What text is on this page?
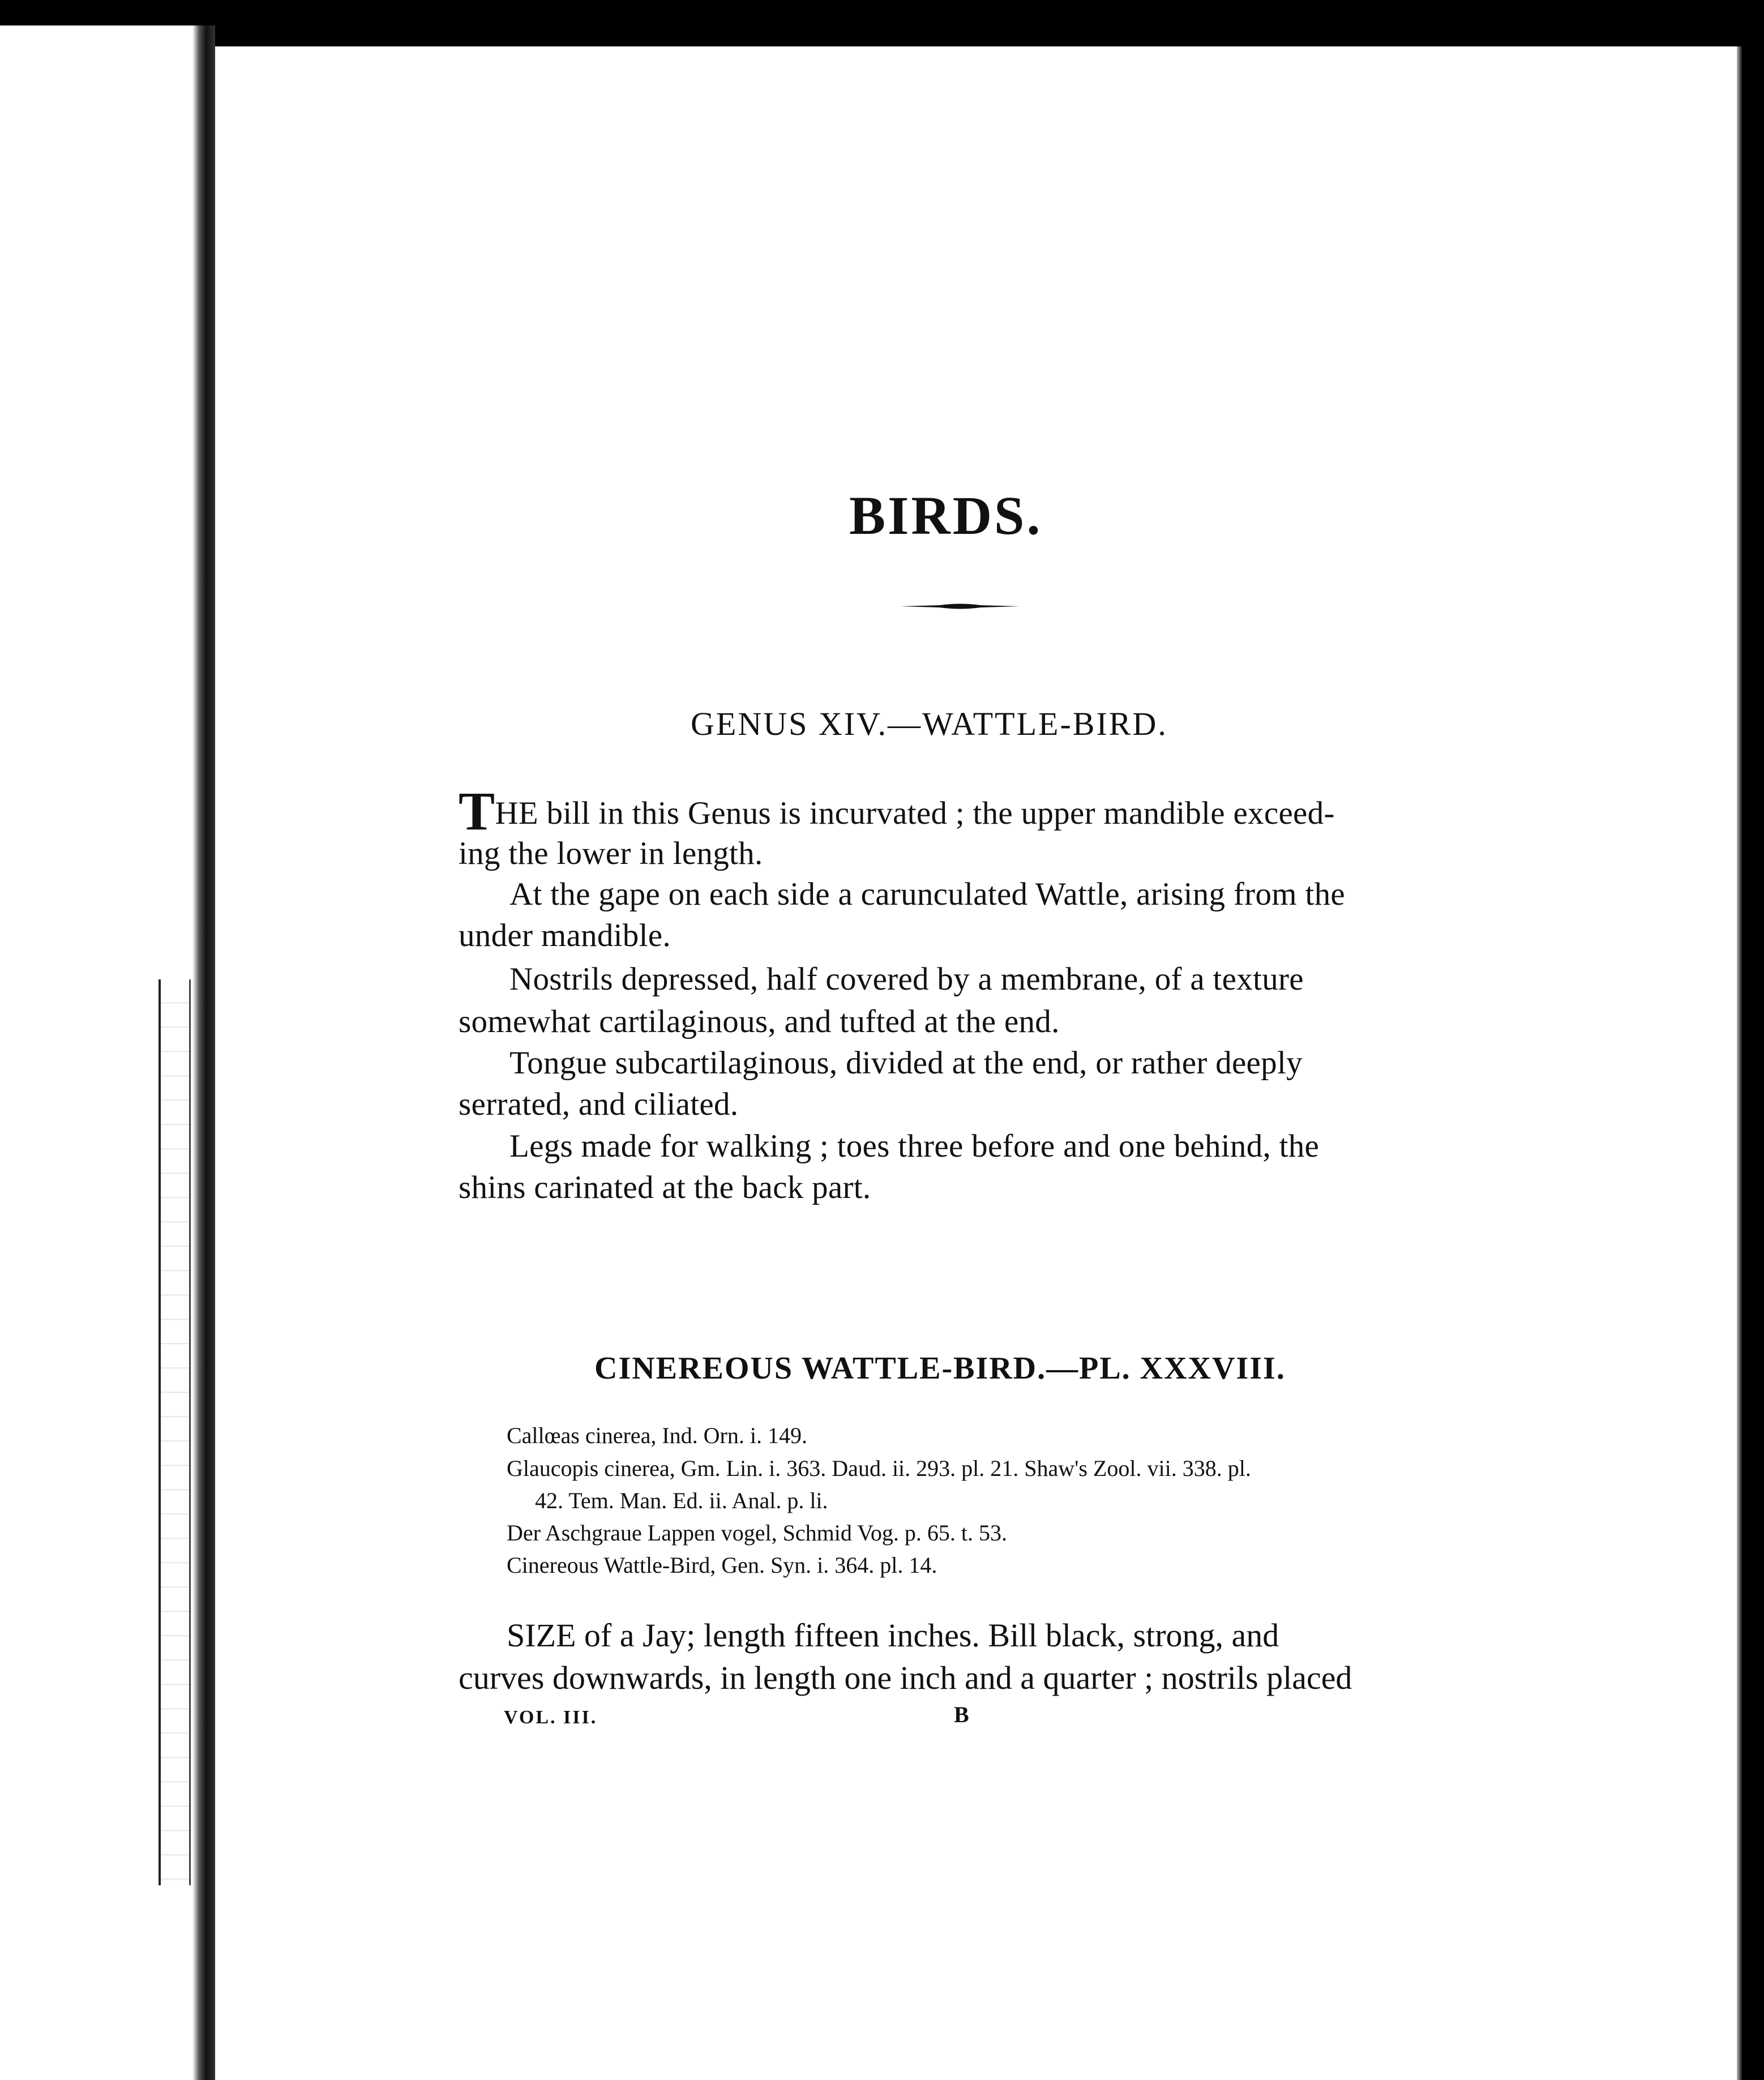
BIRDS.
GENUS XIV.—WATTLE-BIRD.
THE bill in this Genus is incurvated ; the upper mandible exceed-
ing the lower in length.
At the gape on each side a carunculated Wattle, arising from the
under mandible.
Nostrils depressed, half covered by a membrane, of a texture
somewhat cartilaginous, and tufted at the end.
Tongue subcartilaginous, divided at the end, or rather deeply
serrated, and ciliated.
Legs made for walking ; toes three before and one behind, the
shins carinated at the back part.
CINEREOUS WATTLE-BIRD.—PL. XXXVIII.
Callœas cinerea, Ind. Orn. i. 149.
Glaucopis cinerea, Gm. Lin. i. 363. Daud. ii. 293. pl. 21. Shaw's Zool. vii. 338. pl.
42. Tem. Man. Ed. ii. Anal. p. li.
Der Aschgraue Lappen vogel, Schmid Vog. p. 65. t. 53.
Cinereous Wattle-Bird, Gen. Syn. i. 364. pl. 14.
SIZE of a Jay; length fifteen inches. Bill black, strong, and
curves downwards, in length one inch and a quarter ; nostrils placed
VOL. III.	B
